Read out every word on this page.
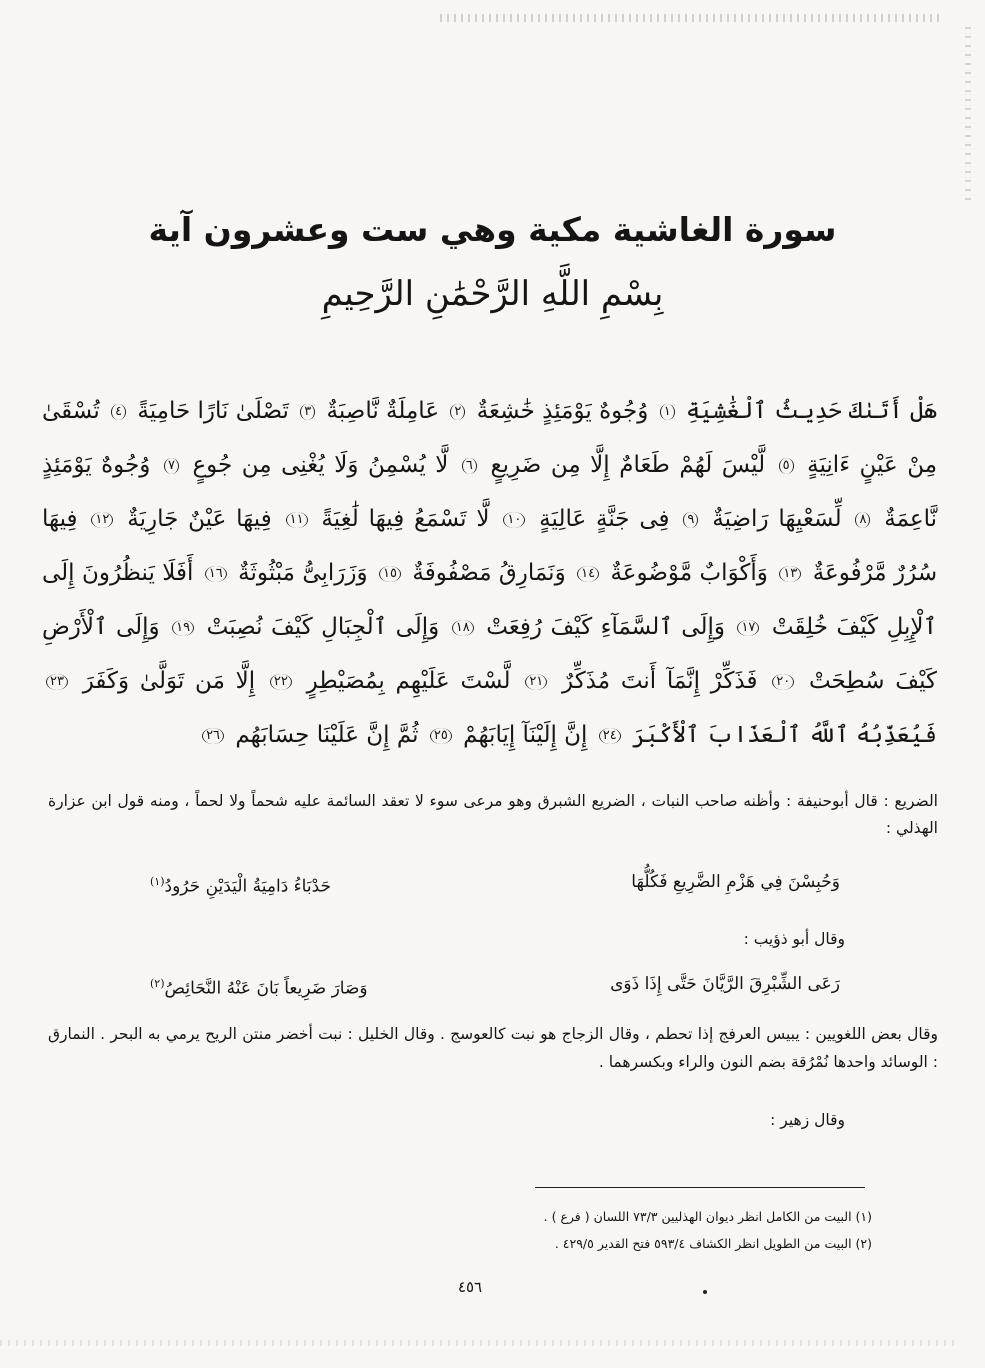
سورة الغاشية مكية وهي ست وعشرون آية
بِسْمِ اللَّهِ الرَّحْمَٰنِ الرَّحِيمِ

هَلْ أَتَىٰكَ حَدِيثُ ٱلْغَٰشِيَةِ ١ وُجُوهٌ يَوْمَئِذٍ خَٰشِعَةٌ ٢ عَامِلَةٌ نَّاصِبَةٌ ٣ تَصْلَىٰ نَارًا حَامِيَةً ٤ تُسْقَىٰ مِنْ عَيْنٍ ءَانِيَةٍ ٥ لَّيْسَ لَهُمْ طَعَامٌ إِلَّا مِن ضَرِيعٍ ٦ لَّا يُسْمِنُ وَلَا يُغْنِى مِن جُوعٍ ٧ وُجُوهٌ يَوْمَئِذٍ نَّاعِمَةٌ ٨ لِّسَعْيِهَا رَاضِيَةٌ ٩ فِى جَنَّةٍ عَالِيَةٍ ١٠ لَّا تَسْمَعُ فِيهَا لَٰغِيَةً ١١ فِيهَا عَيْنٌ جَارِيَةٌ ١٢ فِيهَا سُرُرٌ مَّرْفُوعَةٌ ١٣ وَأَكْوَابٌ مَّوْضُوعَةٌ ١٤ وَنَمَارِقُ مَصْفُوفَةٌ ١٥ وَزَرَابِىُّ مَبْثُوثَةٌ ١٦ أَفَلَا يَنظُرُونَ إِلَى ٱلْإِبِلِ كَيْفَ خُلِقَتْ ١٧ وَإِلَى ٱلسَّمَآءِ كَيْفَ رُفِعَتْ ١٨ وَإِلَى ٱلْجِبَالِ كَيْفَ نُصِبَتْ ١٩ وَإِلَى ٱلْأَرْضِ كَيْفَ سُطِحَتْ ٢٠ فَذَكِّرْ إِنَّمَآ أَنتَ مُذَكِّرٌ ٢١ لَّسْتَ عَلَيْهِم بِمُصَيْطِرٍ ٢٢ إِلَّا مَن تَوَلَّىٰ وَكَفَرَ ٢٣ فَيُعَذِّبُهُ ٱللَّهُ ٱلْعَذَابَ ٱلْأَكْبَرَ ٢٤ إِنَّ إِلَيْنَآ إِيَابَهُمْ ٢٥ ثُمَّ إِنَّ عَلَيْنَا حِسَابَهُم ٢٦

الضريع : قال أبوحنيفة : وأظنه صاحب النبات ، الضريع الشبرق وهو مرعى سوء لا تعقد السائمة عليه شحماً ولا لحماً ، ومنه قول ابن عزارة الهذلي :

وَحُبِسْنَ فِي هَزْمِ الضَّرِيعِ فَكُلُّهَا
حَدْبَاءُ دَامِيَةُ الْيَدَيْنِ حَرُودُ$^{(١)}$
وقال أبو ذؤيب :
رَعَى الشِّبْرِقَ الرَّيَّانَ حَتَّى إِذَا ذَوَى
وَصَارَ ضَرِيعاً بَانَ عَنْهُ النَّحَائِصُ$^{(٢)}$

وقال بعض اللغويين : يبيس العرفج إذا تحطم ، وقال الزجاج هو نبت كالعوسج . وقال الخليل : نبت أخضر منتن الريح يرمي به البحر . النمارق : الوسائد واحدها نُمْرُقة بضم النون والراء وبكسرهما .

وقال زهير :
(١) البيت من الكامل انظر ديوان الهذليين ٧٣/٣ اللسان ( فرع ) .
(٢) البيت من الطويل انظر الكشاف ٥٩٣/٤ فتح القدير ٤٢٩/٥ .
٤٥٦
